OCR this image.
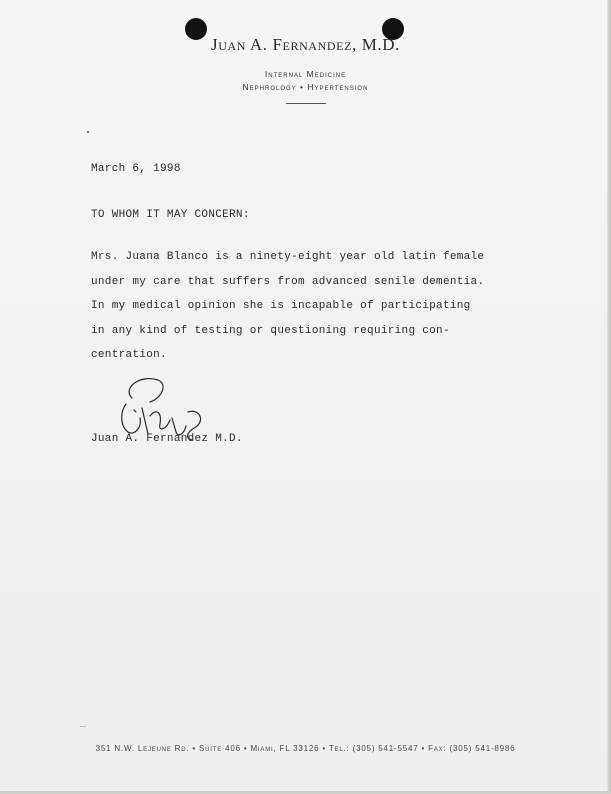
Juan A. Fernandez, M.D.
Internal Medicine
Nephrology • Hypertension
March 6, 1998
TO WHOM IT MAY CONCERN:
Mrs. Juana Blanco is a ninety-eight year old latin female
under my care that suffers from advanced senile dementia.
In my medical opinion she is incapable of participating
in any kind of testing or questioning requiring con-
centration.
Juan A. Fernandez M.D.
351 N.W. Lejeune Rd. • Suite 406 • Miami, FL 33126 • Tel.: (305) 541-5547 • Fax: (305) 541-8986
